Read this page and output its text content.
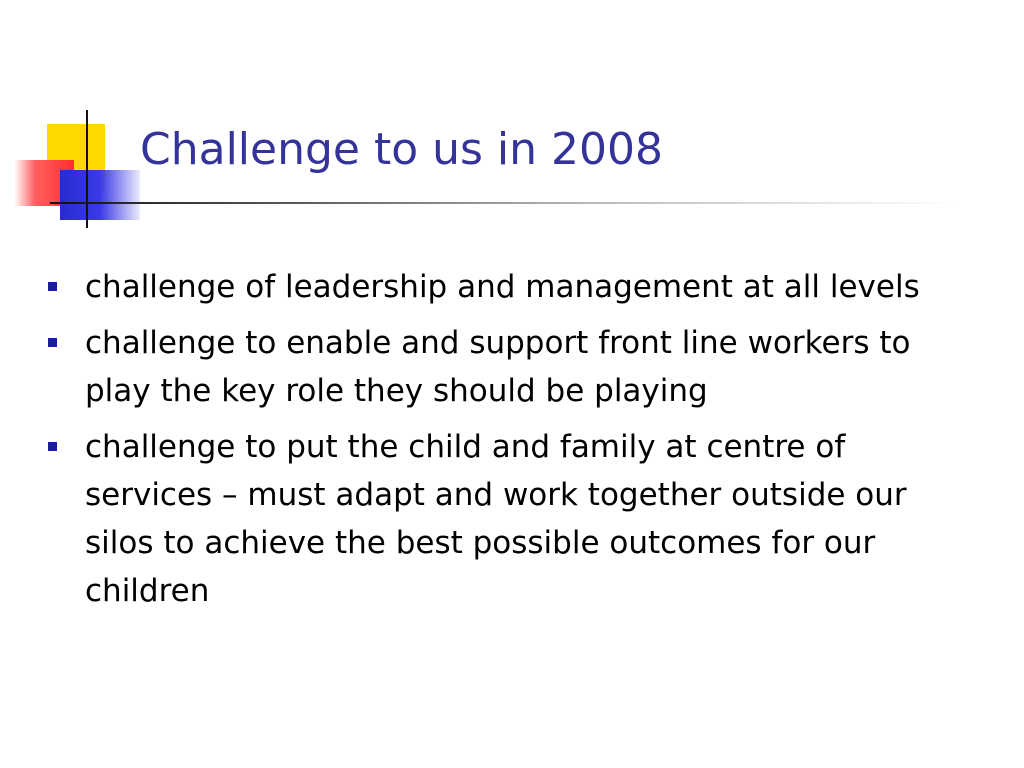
Challenge to us in 2008
challenge of leadership and management at all levels
challenge to enable and support front line workers to play the key role they should be playing
challenge to put the child and family at centre of services – must adapt and work together outside our silos to achieve the best possible outcomes for our children
